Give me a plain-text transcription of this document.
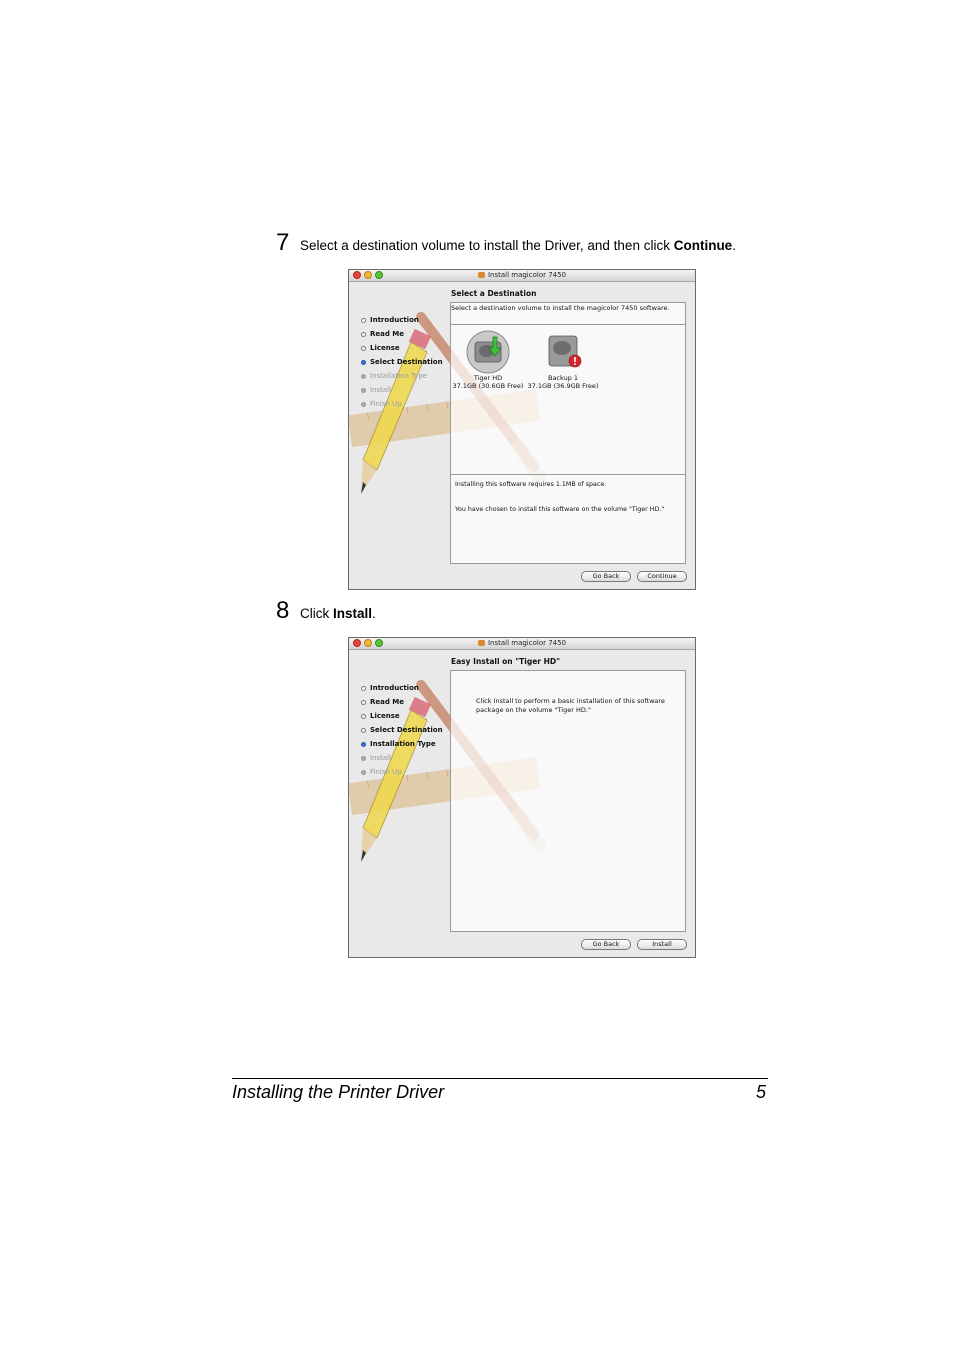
7 Select a destination volume to install the Driver, and then click Continue.
Install magicolor 7450
Introduction
Read Me
License
Select Destination
Installation Type
Install
Finish Up
Select a Destination
Select a destination volume to install the magicolor 7450 software.
Tiger HD
37.1GB (30.6GB Free)
Backup 1
37.1GB (36.9GB Free)
Installing this software requires 1.1MB of space.
You have chosen to install this software on the volume "Tiger HD."
Go Back	Continue
8 Click Install.
Install magicolor 7450
Introduction
Read Me
License
Select Destination
Installation Type
Install
Finish Up
Easy Install on "Tiger HD"
Click Install to perform a basic installation of this software package on the volume "Tiger HD."
Go Back	Install
Installing the Printer Driver	5
